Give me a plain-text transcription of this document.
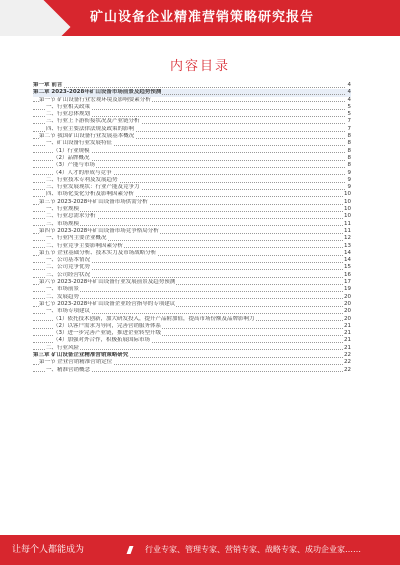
矿山设备企业精准营销策略研究报告
内容目录
第一章 前言	4
第二章 2023-2028年矿山设备市场前景及趋势预测	4
第一节 矿山设备行业宏观环境及影响要素分析	4
一、行业相关政策	5
二、行业总体规划	5
三、行业上下游衔接状况及产业链分析	7
四、行业主要法律法规及政策的影响	7
第二节 我国矿山设备行业发展基本概况	8
一、矿山设备行业发展特征	8
（1）行业规模	8
（2）品牌概况	8
（3）产能与市场	8
（4）人才的形成与竞争	9
二、行业技术专利及发展趋势	9
三、行业发展现状：行业产能及竞争力	9
四、市场化变化分析及影响因素分析	10
第三节 2023-2028年矿山设备市场供需分析	10
一、行业规模	10
二、行业总需求分析	10
三、市场规模	11
第四节 2023-2028年矿山设备市场竞争格局分析	11
一、行业内主要企业概况	12
二、行业竞争主要影响因素分析	13
第五节 企业基础分析、技术实力及市场战略分析	14
一、公司基本情况	14
二、公司竞争优势	15
三、公司经营状况	16
第六节 2023-2028年矿山设备行业发展前景及趋势预测	17
一、市场前景	19
二、发展趋势	20
第七节 2023-2028年矿山设备企业经营指导的专项建议	20
一、市场专项建议	20
（1）依托技术创新，加大研发投入，提升产品附加值，提高市场份额及品牌影响力	20
（2）以客户需求为导向，完善营销服务体系	21
（3）进一步完善产业链，推进企业转型升级	21
（4）加强对外合作，积极拓展国际市场	21
二、行业风险	21
第三章 矿山设备企业精准营销策略研究	22
第一节 企业营销精准营销定位	22
一、精准营销概念	22
让每个人都能成为	行业专家、管理专家、营销专家、战略专家、成功企业家……
